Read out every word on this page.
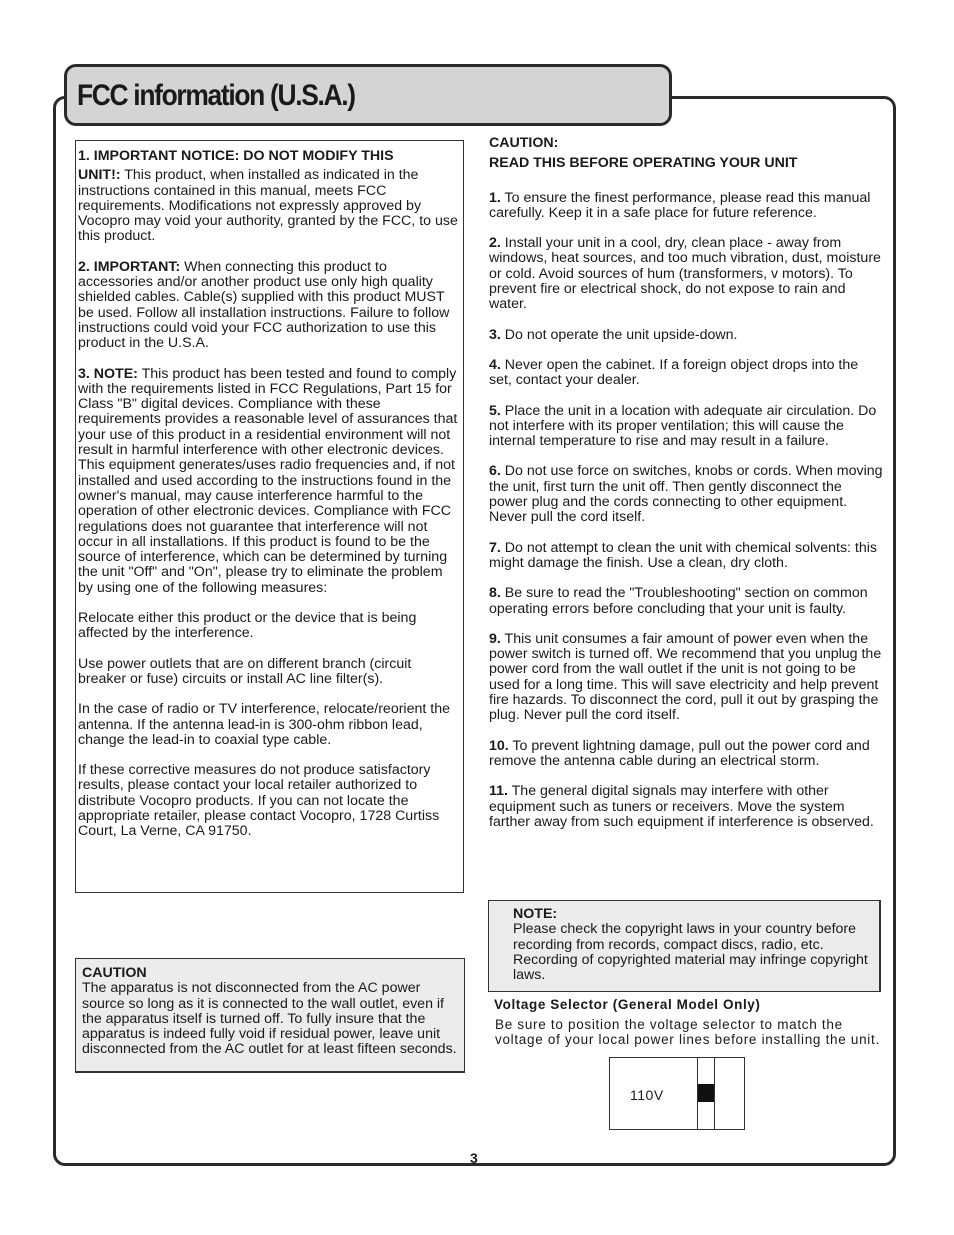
FCC information (U.S.A.)

1. IMPORTANT NOTICE: DO NOT MODIFY THIS

UNIT!: This product, when installed as indicated in the instructions contained in this manual, meets FCC requirements. Modifications not expressly approved by Vocopro may void your authority, granted by the FCC, to use this product.

2. IMPORTANT: When connecting this product to accessories and/or another product use only high quality shielded cables. Cable(s) supplied with this product MUST be used. Follow all installation instructions. Failure to follow instructions could void your FCC authorization to use this product in the U.S.A.

3. NOTE: This product has been tested and found to comply with the requirements listed in FCC Regulations, Part 15 for Class "B" digital devices. Compliance with these requirements provides a reasonable level of assurances that your use of this product in a residential environment will not result in harmful interference with other electronic devices. This equipment generates/uses radio frequencies and, if not installed and used according to the instructions found in the owner's manual, may cause interference harmful to the operation of other electronic devices. Compliance with FCC regulations does not guarantee that interference will not occur in all installations. If this product is found to be the source of interference, which can be determined by turning the unit "Off" and "On", please try to eliminate the problem by using one of the following measures:

Relocate either this product or the device that is being affected by the interference.

Use power outlets that are on different branch (circuit breaker or fuse) circuits or install AC line filter(s).

In the case of radio or TV interference, relocate/reorient the antenna. If the antenna lead-in is 300-ohm ribbon lead, change the lead-in to coaxial type cable.

If these corrective measures do not produce satisfactory results, please contact your local retailer authorized to distribute Vocopro products. If you can not locate the appropriate retailer, please contact Vocopro, 1728 Curtiss Court, La Verne, CA 91750.

CAUTION

The apparatus is not disconnected from the AC power source so long as it is connected to the wall outlet, even if the apparatus itself is turned off. To fully insure that the apparatus is indeed fully void if residual power, leave unit disconnected from the AC outlet for at least fifteen seconds.

CAUTION:

READ THIS BEFORE OPERATING YOUR UNIT

1. To ensure the finest performance, please read this manual carefully. Keep it in a safe place for future reference.

2. Install your unit in a cool, dry, clean place - away from windows, heat sources, and too much vibration, dust, moisture or cold. Avoid sources of hum (transformers, v motors). To prevent fire or electrical shock, do not expose to rain and water.

3. Do not operate the unit upside-down.

4. Never open the cabinet. If a foreign object drops into the set, contact your dealer.

5. Place the unit in a location with adequate air circulation. Do not interfere with its proper ventilation; this will cause the internal temperature to rise and may result in a failure.

6. Do not use force on switches, knobs or cords. When moving the unit, first turn the unit off. Then gently disconnect the power plug and the cords connecting to other equipment. Never pull the cord itself.

7. Do not attempt to clean the unit with chemical solvents: this might damage the finish. Use a clean, dry cloth.

8. Be sure to read the "Troubleshooting" section on common operating errors before concluding that your unit is faulty.

9. This unit consumes a fair amount of power even when the power switch is turned off. We recommend that you unplug the power cord from the wall outlet if the unit is not going to be used for a long time. This will save electricity and help prevent fire hazards. To disconnect the cord, pull it out by grasping the plug. Never pull the cord itself.

10. To prevent lightning damage, pull out the power cord and remove the antenna cable during an electrical storm.

11. The general digital signals may interfere with other equipment such as tuners or receivers. Move the system farther away from such equipment if interference is observed.

NOTE:

Please check the copyright laws in your country before recording from records, compact discs, radio, etc. Recording of copyrighted material may infringe copyright laws.

Voltage Selector (General Model Only)

Be sure to position the voltage selector to match the voltage of your local power lines before installing the unit.

110V
3
